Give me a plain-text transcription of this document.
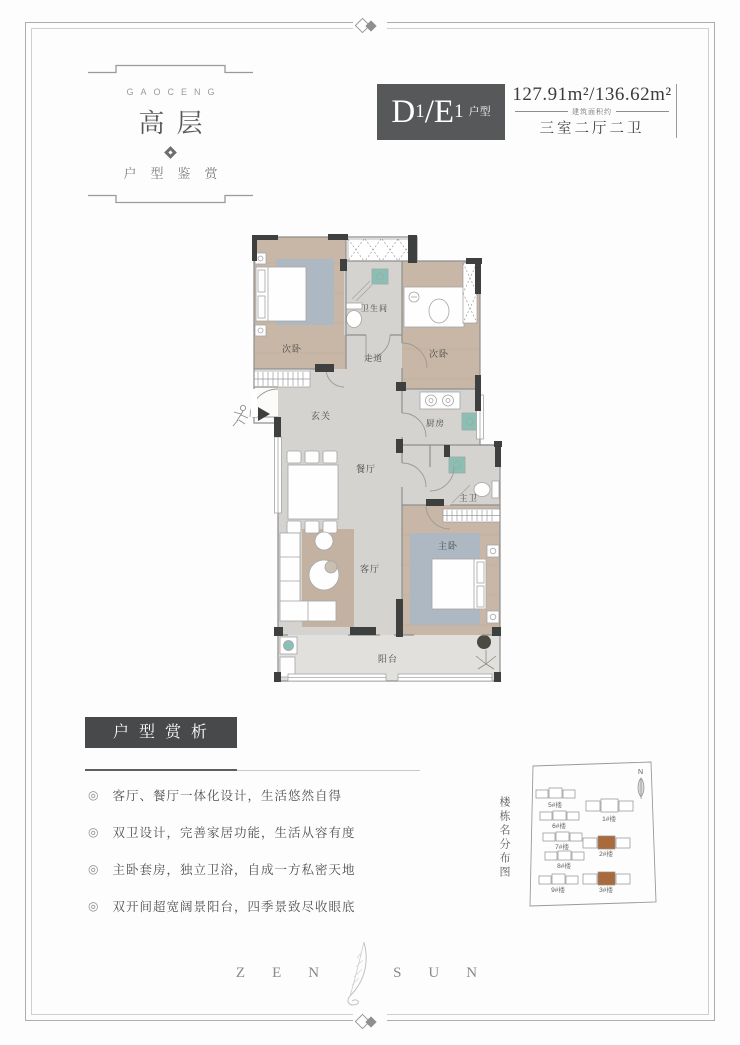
GAOCENG
高层
户型鉴赏
D 1 / E 1 户型
127.91m²/136.62m²
建筑面积约
三室二厅二卫
次卧
卫生间
次卧
走道
玄关
厨房
餐厅
主卫
主卧
客厅
阳台
户型赏析
◎ 客厅、餐厅一体化设计，生活悠然自得
◎ 双卫设计，完善家居功能，生活从容有度
◎ 主卧套房，独立卫浴，自成一方私密天地
◎ 双开间超宽阔景阳台，四季景致尽收眼底
楼栋名分布图
N
5#楼
6#楼
7#楼
8#楼
9#楼
1#楼
2#楼
3#楼
ZEN	SUN
